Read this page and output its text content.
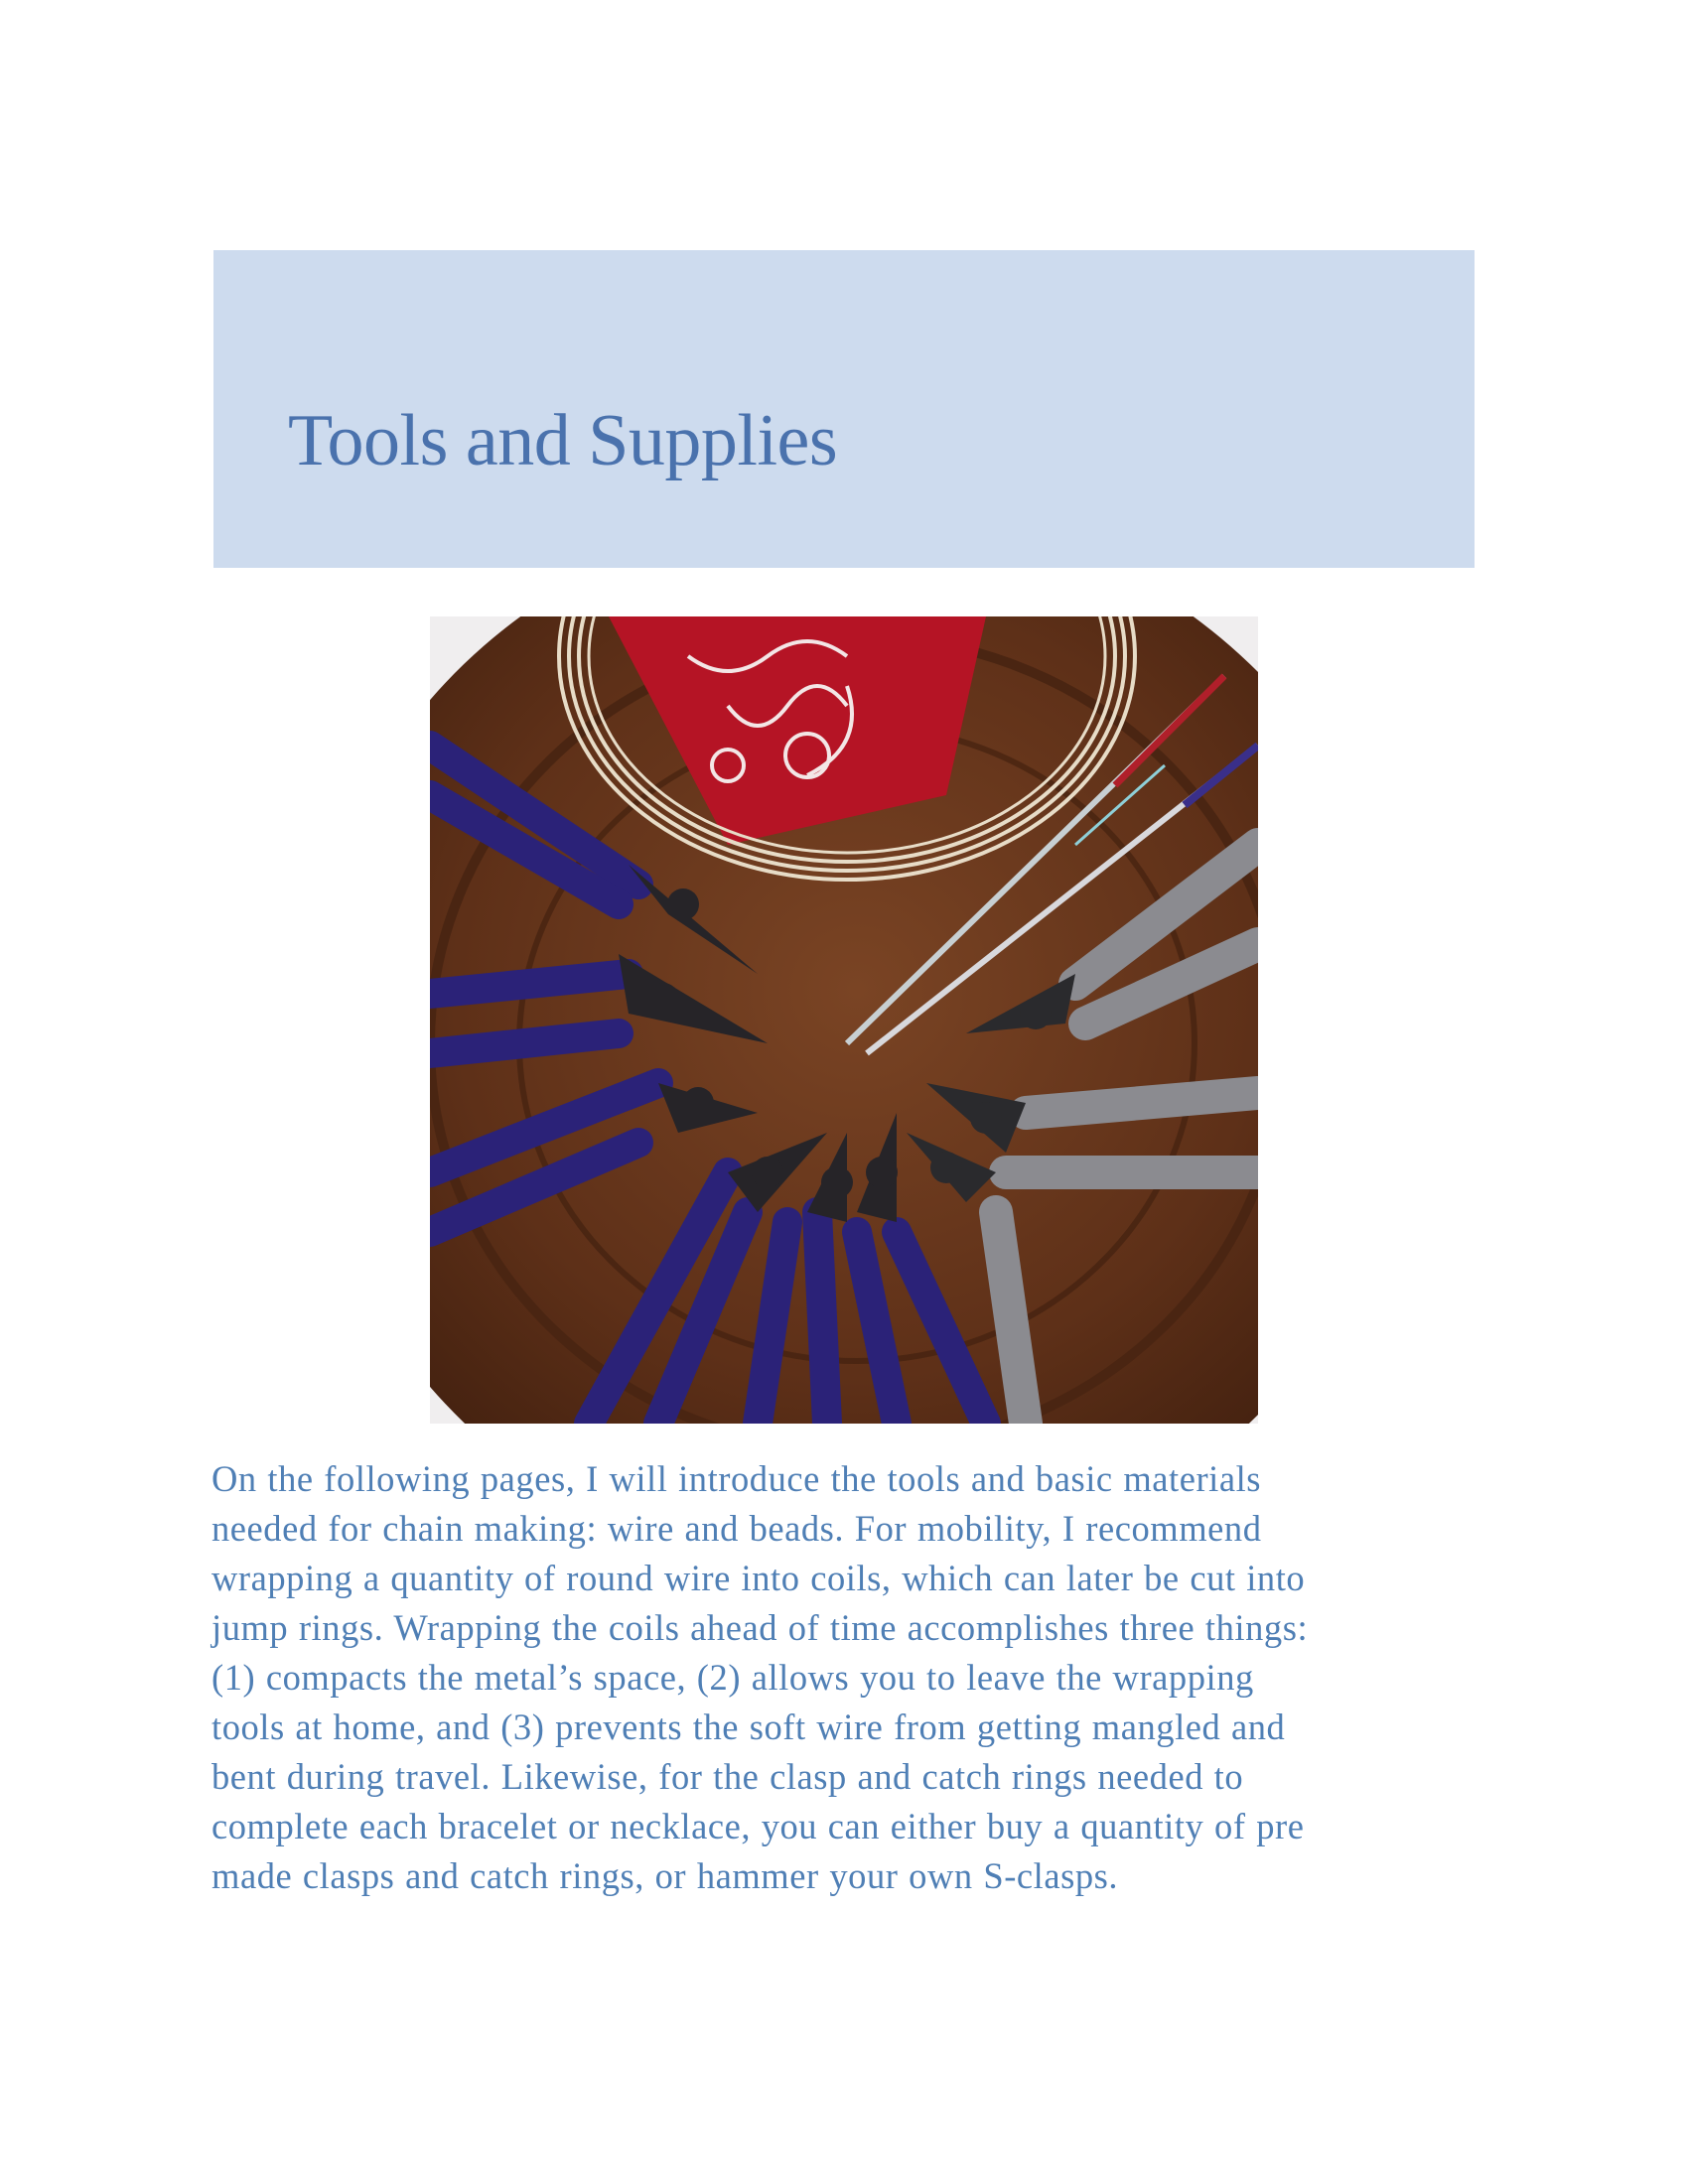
Tools and Supplies

On the following pages, I will introduce the tools and basic materials
needed for chain making: wire and beads. For mobility, I recommend
wrapping a quantity of round wire into coils, which can later be cut into
jump rings. Wrapping the coils ahead of time accomplishes three things:
(1) compacts the metal’s space, (2) allows you to leave the wrapping
tools at home, and (3) prevents the soft wire from getting mangled and
bent during travel. Likewise, for the clasp and catch rings needed to
complete each bracelet or necklace, you can either buy a quantity of pre
made clasps and catch rings, or hammer your own S-clasps.
